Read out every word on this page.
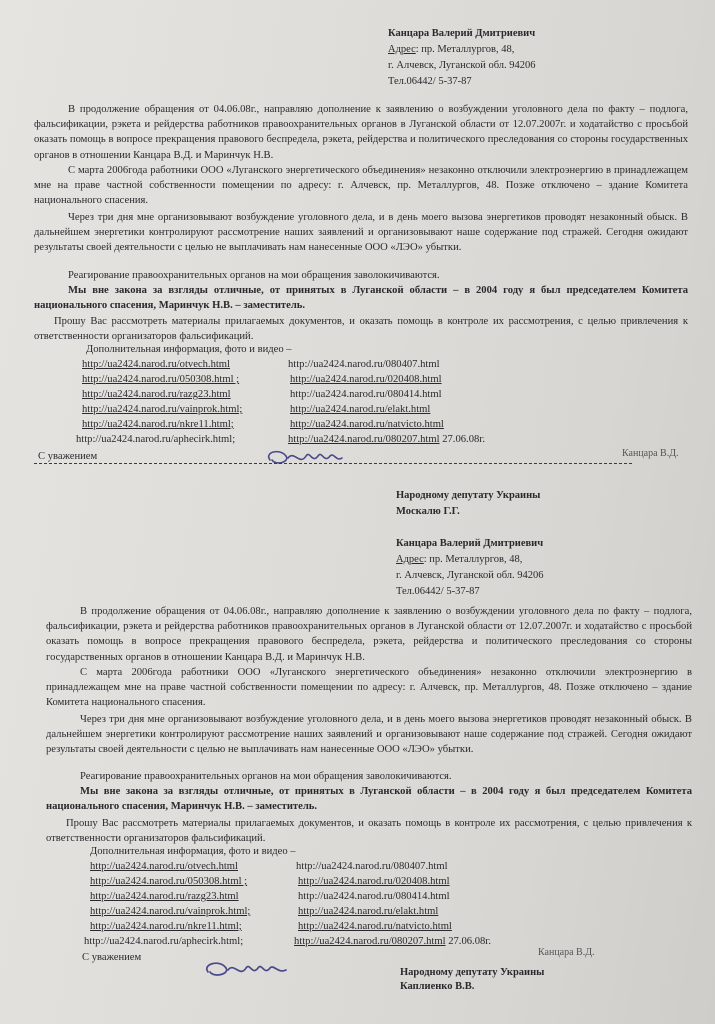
Канцара Валерий Дмитриевич
Адрес: пр. Металлургов, 48,
г. Алчевск, Луганской обл. 94206
Тел.06442/ 5-37-87

В продолжение обращения от 04.06.08г., направляю дополнение к заявлению о возбуждении уголовного дела по факту – подлога, фальсификации, рэкета и рейдерства работников правоохранительных органов в Луганской области от 12.07.2007г. и ходатайство с просьбой оказать помощь в вопросе прекращения правового беспредела, рэкета, рейдерства и политического преследования со стороны государственных органов в отношении Канцара В.Д. и Маринчук Н.В.

С марта 2006года работники ООО «Луганского энергетического объединения» незаконно отключили электроэнергию в принадлежащем мне на праве частной собственности помещении по адресу: г. Алчевск, пр. Металлургов, 48. Позже отключено – здание Комитета национального спасения.

Через три дня мне организовывают возбуждение уголовного дела, и в день моего вызова энергетиков проводят незаконный обыск. В дальнейшем энергетики контролируют рассмотрение наших заявлений и организовывают наше содержание под стражей. Сегодня ожидают результаты своей деятельности с целью не выплачивать нам нанесенные ООО «ЛЭО» убытки.

Реагирование правоохранительных органов на мои обращения заволокичиваются.

Мы вне закона за взгляды отличные, от принятых в Луганской области – в 2004 году я был председателем Комитета национального спасения, Маринчук Н.В. – заместитель.

Прошу Вас рассмотреть материалы прилагаемых документов, и оказать помощь в контроле их рассмотрения, с целью привлечения к ответственности организаторов фальсификаций.

Дополнительная информация, фото и видео –
http://ua2424.narod.ru/otvech.html
http://ua2424.narod.ru/050308.html ;
http://ua2424.narod.ru/razg23.html
http://ua2424.narod.ru/vainprok.html;
http://ua2424.narod.ru/nkre11.html;
http://ua2424.narod.ru/aphecirk.html;
http://ua2424.narod.ru/080407.html
http://ua2424.narod.ru/020408.html
http://ua2424.narod.ru/080414.html
http://ua2424.narod.ru/elakt.html
http://ua2424.narod.ru/natvicto.html
http://ua2424.narod.ru/080207.html 27.06.08г.
С уважением	Канцара В.Д.
Народному депутату Украины
Москалю Г.Г.
Канцара Валерий Дмитриевич
Адрес: пр. Металлургов, 48,
г. Алчевск, Луганской обл. 94206
Тел.06442/ 5-37-87

В продолжение обращения от 04.06.08г., направляю дополнение к заявлению о возбуждении уголовного дела по факту – подлога, фальсификации, рэкета и рейдерства работников правоохранительных органов в Луганской области от 12.07.2007г. и ходатайство с просьбой оказать помощь в вопросе прекращения правового беспредела, рэкета, рейдерства и политического преследования со стороны государственных органов в отношении Канцара В.Д. и Маринчук Н.В.

С марта 2006года работники ООО «Луганского энергетического объединения» незаконно отключили электроэнергию в принадлежащем мне на праве частной собственности помещении по адресу: г. Алчевск, пр. Металлургов, 48. Позже отключено – здание Комитета национального спасения.

Через три дня мне организовывают возбуждение уголовного дела, и в день моего вызова энергетиков проводят незаконный обыск. В дальнейшем энергетики контролируют рассмотрение наших заявлений и организовывают наше содержание под стражей. Сегодня ожидают результаты своей деятельности с целью не выплачивать нам нанесенные ООО «ЛЭО» убытки.

Реагирование правоохранительных органов на мои обращения заволокичиваются.

Мы вне закона за взгляды отличные, от принятых в Луганской области – в 2004 году я был председателем Комитета национального спасения, Маринчук Н.В. – заместитель.

Прошу Вас рассмотреть материалы прилагаемых документов, и оказать помощь в контроле их рассмотрения, с целью привлечения к ответственности организаторов фальсификаций.

Дополнительная информация, фото и видео –
http://ua2424.narod.ru/otvech.html
http://ua2424.narod.ru/050308.html ;
http://ua2424.narod.ru/razg23.html
http://ua2424.narod.ru/vainprok.html;
http://ua2424.narod.ru/nkre11.html;
http://ua2424.narod.ru/aphecirk.html;
http://ua2424.narod.ru/080407.html
http://ua2424.narod.ru/020408.html
http://ua2424.narod.ru/080414.html
http://ua2424.narod.ru/elakt.html
http://ua2424.narod.ru/natvicto.html
http://ua2424.narod.ru/080207.html 27.06.08г.
С уважением	Канцара В.Д.
Народному депутату Украины
Каплиенко В.В.
